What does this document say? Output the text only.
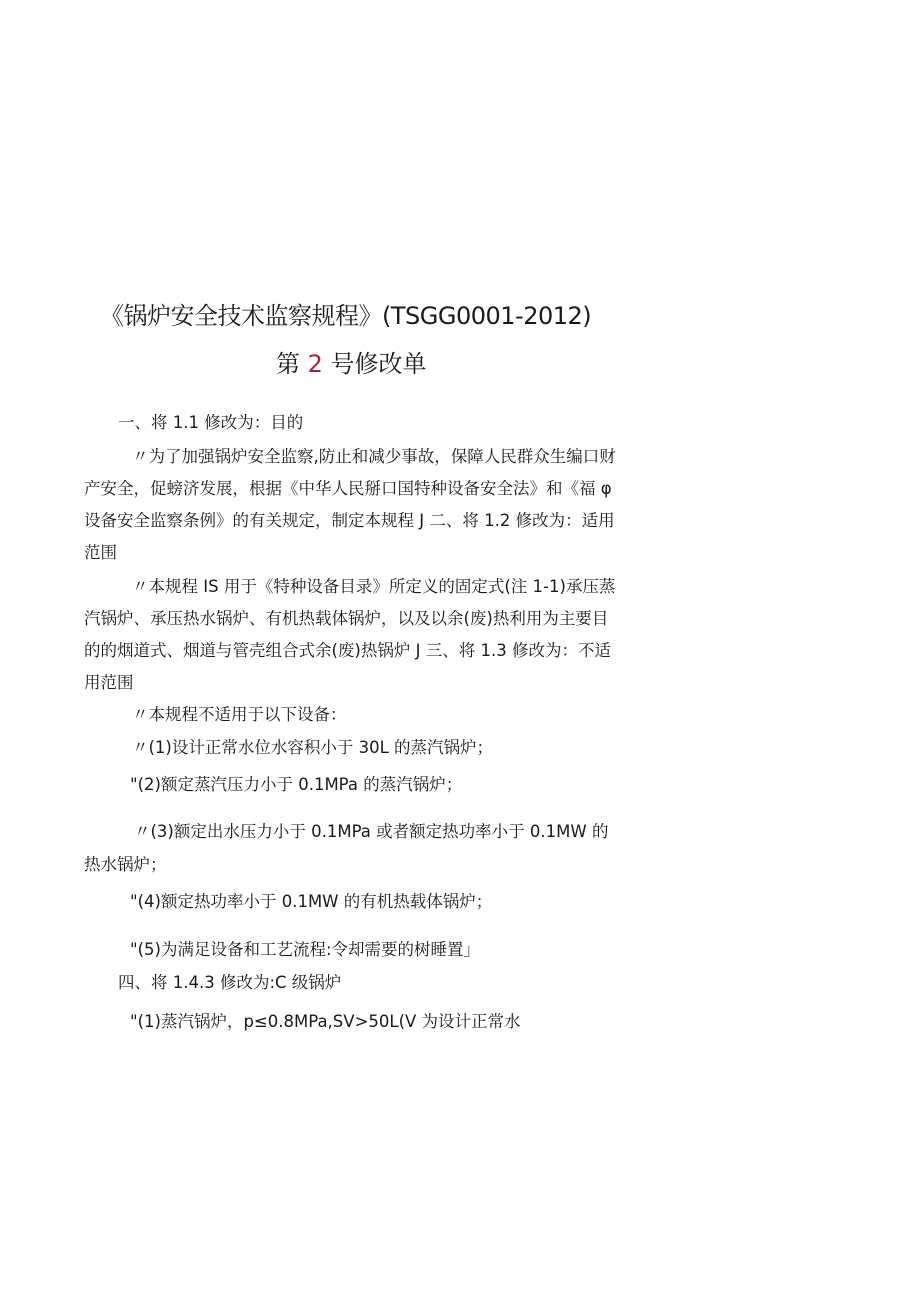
《锅炉安全技术监察规程》(TSGG0001-2012)
第 2 号修改单
一、将 1.1 修改为：目的
〃为了加强锅炉安全监察,防止和减少事故，保障人民群众生编口财
产安全，促螃济发展，根据《中华人民掰口国特种设备安全法》和《福 φ
设备安全监察条例》的有关规定，制定本规程 J 二、将 1.2 修改为：适用
范围
〃本规程 IS 用于《特种设备目录》所定义的固定式(注 1-1)承压蒸
汽锅炉、承压热水锅炉、有机热载体锅炉，以及以余(废)热利用为主要目
的的烟道式、烟道与管壳组合式余(废)热锅炉 J 三、将 1.3 修改为：不适
用范围
〃本规程不适用于以下设备：
〃(1)设计正常水位水容积小于 30L 的蒸汽锅炉；
"(2)额定蒸汽压力小于 0.1MPa 的蒸汽锅炉；
〃(3)额定出水压力小于 0.1MPa 或者额定热功率小于 0.1MW 的
热水锅炉；
"(4)额定热功率小于 0.1MW 的有机热载体锅炉；
"(5)为满足设备和工艺流程:令却需要的树睡置」
四、将 1.4.3 修改为:C 级锅炉
"(1)蒸汽锅炉，p≤0.8MPa,SV>50L(V 为设计正常水
